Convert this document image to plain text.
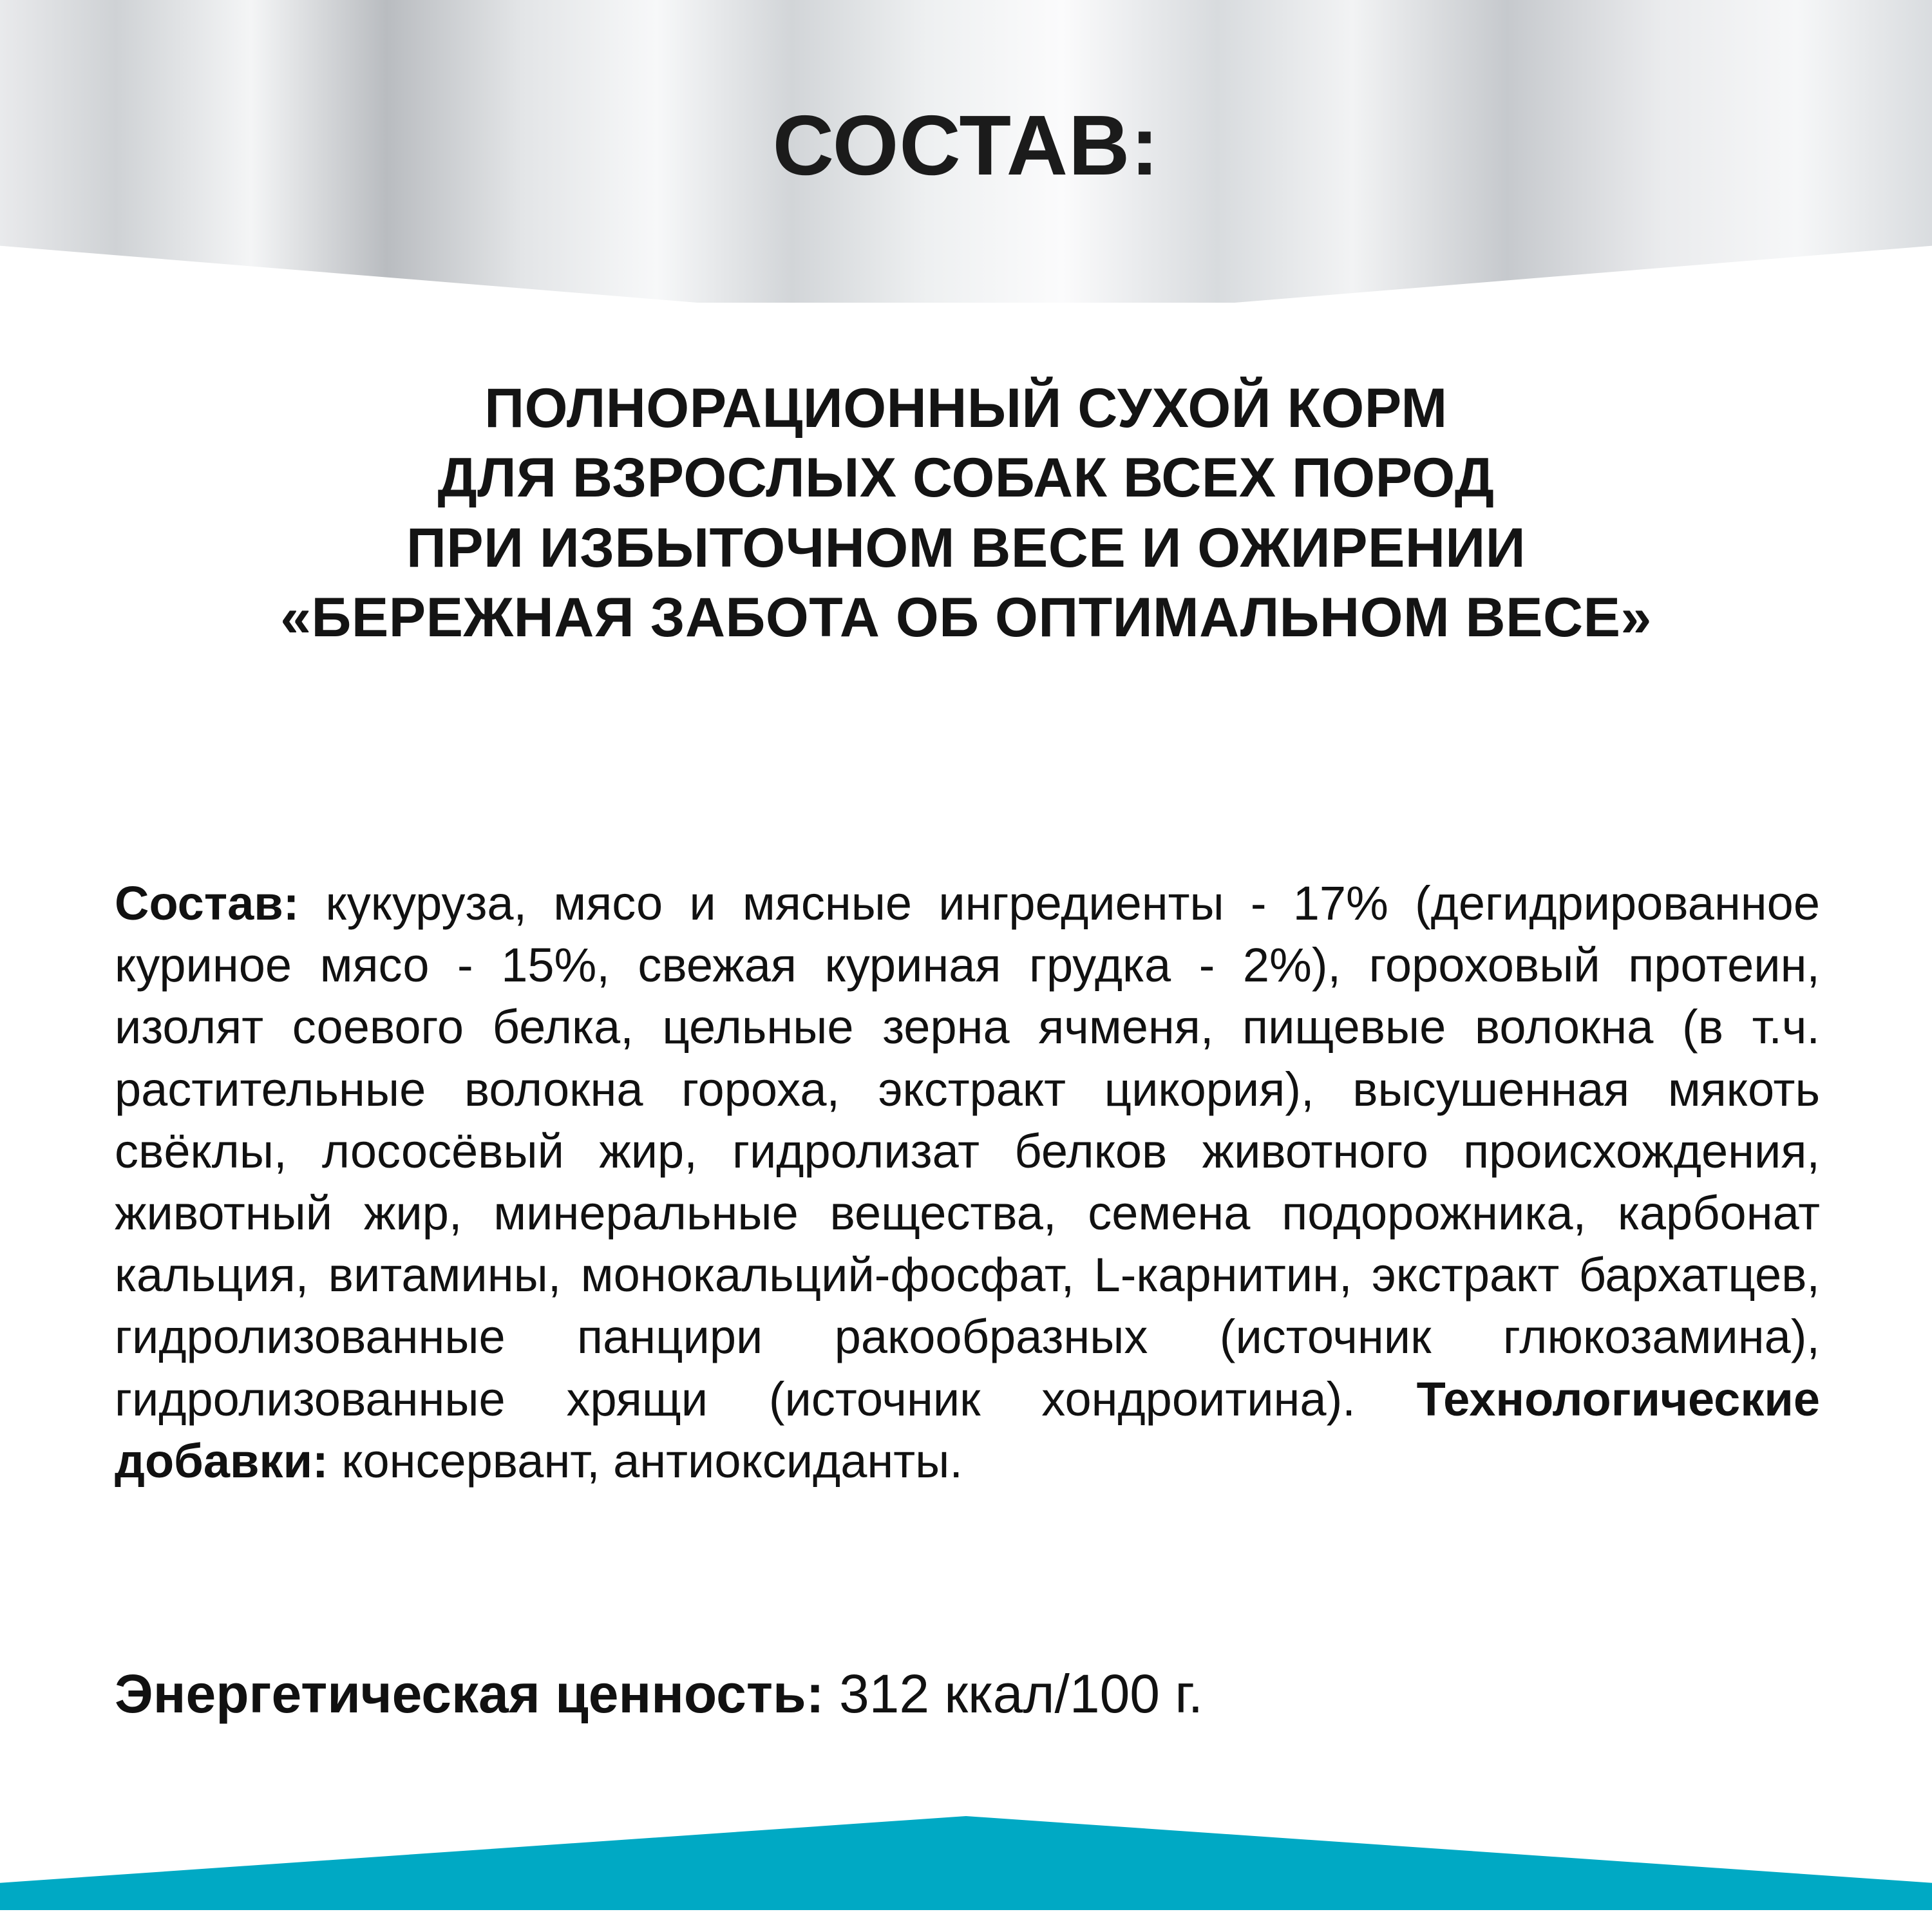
СОСТАВ:
ПОЛНОРАЦИОННЫЙ СУХОЙ КОРМ
ДЛЯ ВЗРОСЛЫХ СОБАК ВСЕХ ПОРОД
ПРИ ИЗБЫТОЧНОМ ВЕСЕ И ОЖИРЕНИИ
«БЕРЕЖНАЯ ЗАБОТА ОБ ОПТИМАЛЬНОМ ВЕСЕ»
Состав: кукуруза, мясо и мясные ингредиенты - 17% (дегидрированное куриное мясо - 15%, свежая куриная грудка - 2%), гороховый протеин, изолят соевого белка, цельные зерна ячменя, пищевые волокна (в т.ч. растительные волокна гороха, экстракт цикория), высушенная мякоть свёклы, лососёвый жир, гидролизат белков животного происхождения, животный жир, минеральные вещества, семена подорожника, карбонат кальция, витамины, монокальций-фосфат, L-карнитин, экстракт бархатцев, гидролизованные панцири ракообразных (источник глюкозамина), гидролизованные хрящи (источник хондроитина). Технологические добавки: консервант, антиоксиданты.
Энергетическая ценность: 312 ккал/100 г.
